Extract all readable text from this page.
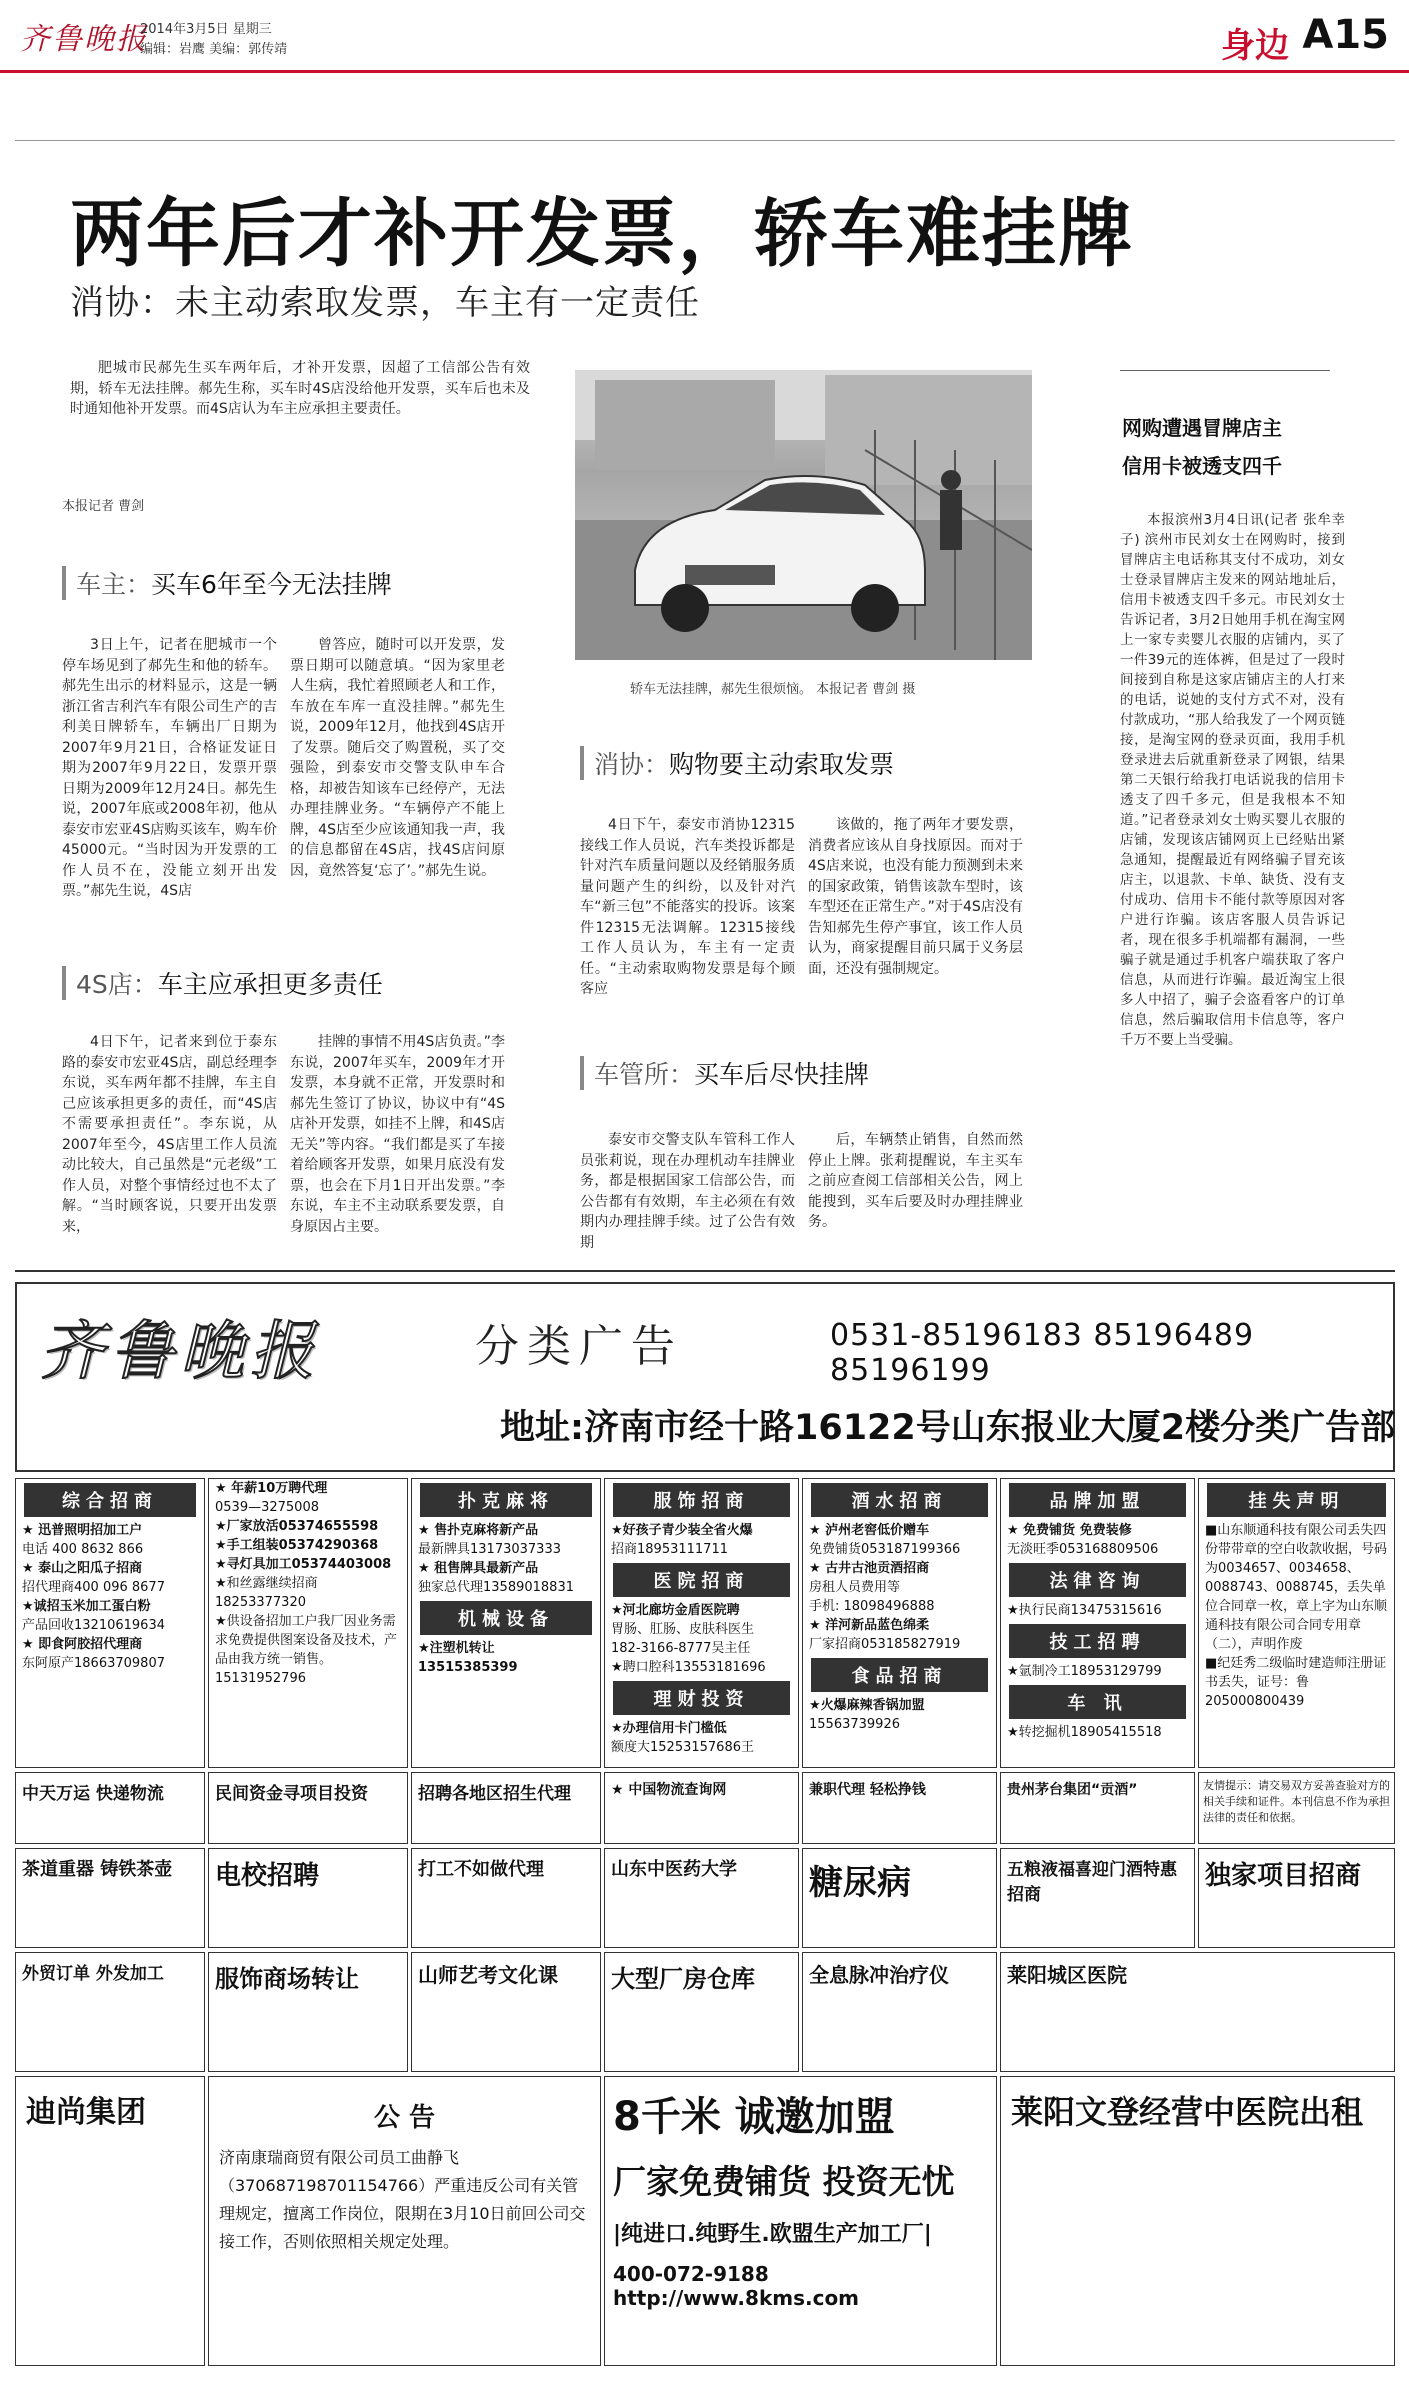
齐鲁晚报
2014年3月5日 星期三
编辑：岩鹰 美编：郭传靖	身边 A15
两年后才补开发票，轿车难挂牌
消协：未主动索取发票，车主有一定责任

肥城市民郝先生买车两年后，才补开发票，因超了工信部公告有效期，轿车无法挂牌。郝先生称，买车时4S店没给他开发票，买车后也未及时通知他补开发票。而4S店认为车主应承担主要责任。

本报记者 曹剑
车主： 买车6年至今无法挂牌

3日上午，记者在肥城市一个停车场见到了郝先生和他的轿车。郝先生出示的材料显示，这是一辆浙江省吉利汽车有限公司生产的吉利美日牌轿车，车辆出厂日期为2007年9月21日，合格证发证日期为2007年9月22日，发票开票日期为2009年12月24日。郝先生说，2007年底或2008年初，他从泰安市宏亚4S店购买该车，购车价45000元。“当时因为开发票的工作人员不在，没能立刻开出发票。”郝先生说，4S店

曾答应，随时可以开发票，发票日期可以随意填。“因为家里老人生病，我忙着照顾老人和工作，车放在车库一直没挂牌。”郝先生说，2009年12月，他找到4S店开了发票。随后交了购置税，买了交强险，到泰安市交警支队申车合格，却被告知该车已经停产，无法办理挂牌业务。“车辆停产不能上牌，4S店至少应该通知我一声，我的信息都留在4S店，找4S店问原因，竟然答复‘忘了’。”郝先生说。

4S店： 车主应承担更多责任

4日下午，记者来到位于泰东路的泰安市宏亚4S店，副总经理李东说，买车两年都不挂牌，车主自己应该承担更多的责任，而“4S店不需要承担责任”。李东说，从2007年至今，4S店里工作人员流动比较大，自己虽然是“元老级”工作人员，对整个事情经过也不太了解。“当时顾客说，只要开出发票来，

挂牌的事情不用4S店负责。”李东说，2007年买车，2009年才开发票，本身就不正常，开发票时和郝先生签订了协议，协议中有“4S店补开发票，如挂不上牌，和4S店无关”等内容。“我们都是买了车接着给顾客开发票，如果月底没有发票，也会在下月1日开出发票。”李东说，车主不主动联系要发票，自身原因占主要。

轿车无法挂牌，郝先生很烦恼。 本报记者 曹剑 摄
消协： 购物要主动索取发票

4日下午，泰安市消协12315接线工作人员说，汽车类投诉都是针对汽车质量问题以及经销服务质量问题产生的纠纷，以及针对汽车“新三包”不能落实的投诉。该案件12315无法调解。12315接线工作人员认为，车主有一定责任。“主动索取购物发票是每个顾客应

该做的，拖了两年才要发票，消费者应该从自身找原因。而对于4S店来说，也没有能力预测到未来的国家政策，销售该款车型时，该车型还在正常生产。”对于4S店没有告知郝先生停产事宜，该工作人员认为，商家提醒目前只属于义务层面，还没有强制规定。

车管所： 买车后尽快挂牌

泰安市交警支队车管科工作人员张莉说，现在办理机动车挂牌业务，都是根据国家工信部公告，而公告都有有效期，车主必须在有效期内办理挂牌手续。过了公告有效期

后，车辆禁止销售，自然而然停止上牌。张莉提醒说，车主买车之前应查阅工信部相关公告，网上能搜到，买车后要及时办理挂牌业务。

网购遭遇冒牌店主
信用卡被透支四千

本报滨州3月4日讯(记者 张牟幸子) 滨州市民刘女士在网购时，接到冒牌店主电话称其支付不成功，刘女士登录冒牌店主发来的网站地址后，信用卡被透支四千多元。市民刘女士告诉记者，3月2日她用手机在淘宝网上一家专卖婴儿衣服的店铺内，买了一件39元的连体裤，但是过了一段时间接到自称是这家店铺店主的人打来的电话，说她的支付方式不对，没有付款成功，“那人给我发了一个网页链接，是淘宝网的登录页面，我用手机登录进去后就重新登录了网银，结果第二天银行给我打电话说我的信用卡透支了四千多元，但是我根本不知道。”记者登录刘女士购买婴儿衣服的店铺，发现该店铺网页上已经贴出紧急通知，提醒最近有网络骗子冒充该店主，以退款、卡单、缺货、没有支付成功、信用卡不能付款等原因对客户进行诈骗。该店客服人员告诉记者，现在很多手机端都有漏洞，一些骗子就是通过手机客户端获取了客户信息，从而进行诈骗。最近淘宝上很多人中招了，骗子会盗看客户的订单信息，然后骗取信用卡信息等，客户千万不要上当受骗。

齐鲁晚报	分类广告	0531-85196183 85196489 85196199
地址:济南市经十路16122号山东报业大厦2楼分类广告部
综合招商
★ 迅普照明招加工户
电话 400 8632 866
★ 泰山之阳瓜子招商
招代理商400 096 8677
★诚招玉米加工蛋白粉
产品回收13210619634
★ 即食阿胶招代理商
东阿原产18663709807
★ 年薪10万聘代理
0539—3275008
★厂家放活05374655598
★手工组装05374290368
★寻灯具加工05374403008
★和丝露继续招商
18253377320
★供设备招加工户我厂因业务需求免费提供图案设备及技术，产品由我方统一销售。15131952796
扑克麻将
★ 售扑克麻将新产品
最新牌具13173037333
★ 租售牌具最新产品
独家总代理13589018831
机械设备
★注塑机转让13515385399
服饰招商
★好孩子青少装全省火爆
招商18953111711
医院招商
★河北廊坊金盾医院聘
胃肠、肛肠、皮肤科医生
182-3166-8777吴主任
★聘口腔科13553181696
理财投资
★办理信用卡门槛低
额度大15253157686王
酒水招商
★ 泸州老窖低价赠车
免费铺货053187199366
★ 古井古池贡酒招商
房租人员费用等
手机: 18098496888
★ 洋河新品蓝色绵柔
厂家招商053185827919
食品招商
★火爆麻辣香锅加盟
15563739926
品牌加盟
★ 免费铺货 免费装修
无淡旺季053168809506
法律咨询
★执行民商13475315616
技工招聘
★氩制冷工18953129799
车 讯
★转挖掘机18905415518
挂失声明
■山东顺通科技有限公司丢失四份带带章的空白收款收据，号码为0034657、0034658、0088743、0088745，丢失单位合同章一枚，章上字为山东顺通科技有限公司合同专用章（二），声明作废
■纪廷秀二级临时建造师注册证书丢失，证号：鲁205000800439
中天万运 快递物流	民间资金寻项目投资	招聘各地区招生代理	★ 中国物流查询网	兼职代理 轻松挣钱	贵州茅台集团“贡酒”	友情提示：请交易双方妥善查验对方的相关手续和证件。本刊信息不作为承担法律的责任和依据。
茶道重器 铸铁茶壶	电校招聘	打工不如做代理	山东中医药大学	糖尿病	五粮液福喜迎门酒特惠招商
独家项目招商
外贸订单 外发加工	服饰商场转让	山师艺考文化课	大型厂房仓库	全息脉冲治疗仪	莱阳城区医院
迪尚集团	公 告
济南康瑞商贸有限公司员工曲静飞（370687198701154766）严重违反公司有关管理规定，擅离工作岗位，限期在3月10日前回公司交接工作，否则依照相关规定处理。
8千米 诚邀加盟
厂家免费铺货 投资无忧
|纯进口.纯野生.欧盟生产加工厂|
400-072-9188 http://www.8kms.com
莱阳文登经营中医院出租
